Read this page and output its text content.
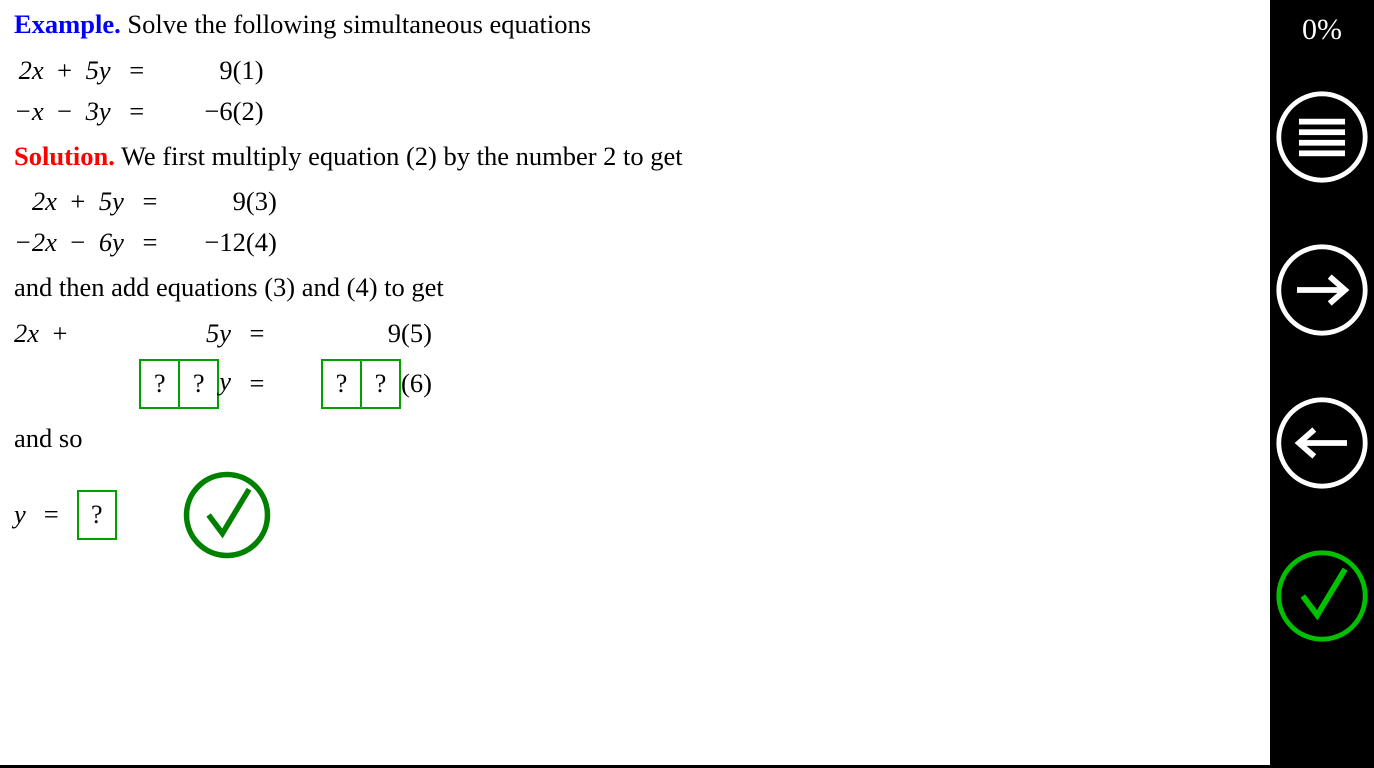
Example. Solve the following simultaneous equations

2x	+	5y	=	9	(1)
−x	−	3y	=	−6	(2)

Solution. We first multiply equation (2) by the number 2 to get

2x	+	5y	=	9	(3)
−2x	−	6y	=	−12	(4)

and then add equations (3) and (4) to get

2x	+	5y	=	9	(5)
		? ? y	=	? ?	(6)

and so

y	=	?	
0%
